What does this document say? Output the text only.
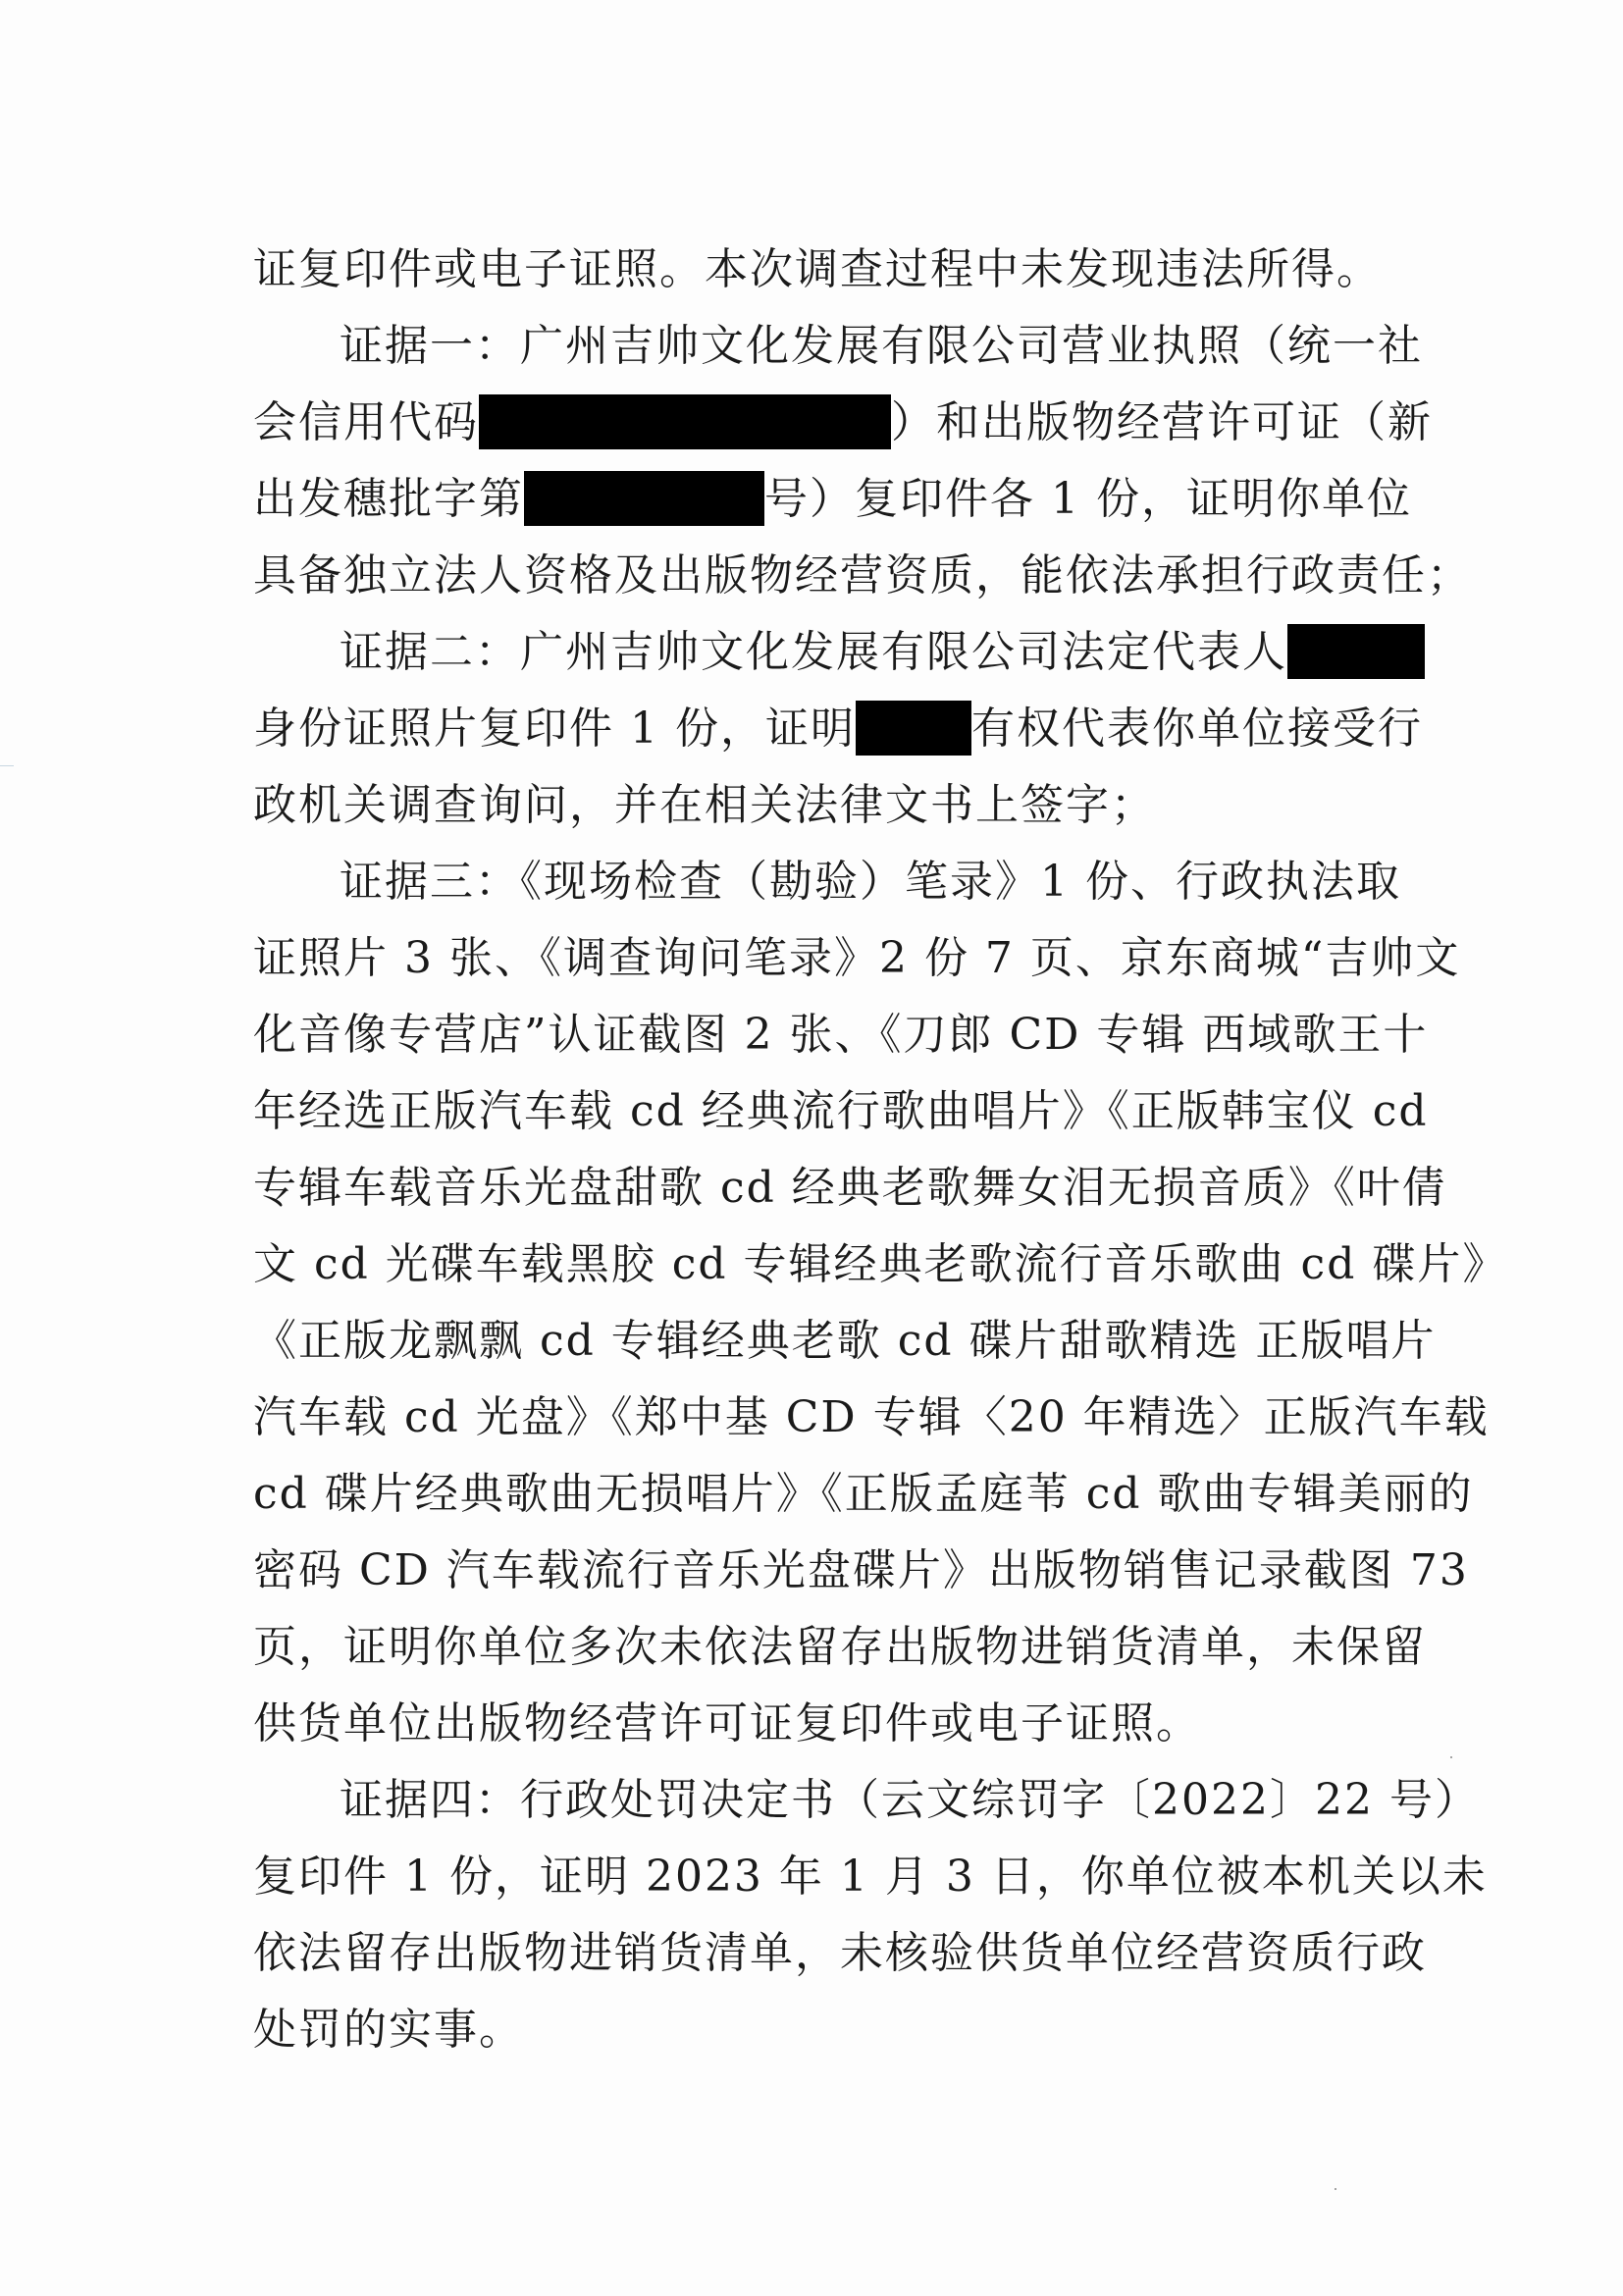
证复印件或电子证照。本次调查过程中未发现违法所得。
证据一：广州吉帅文化发展有限公司营业执照（统一社
会信用代码	）和出版物经营许可证（新
出发穗批字第	号）复印件各 1 份，证明你单位
具备独立法人资格及出版物经营资质，能依法承担行政责任；
证据二：广州吉帅文化发展有限公司法定代表人
身份证照片复印件 1 份，证明	有权代表你单位接受行
政机关调查询问，并在相关法律文书上签字；
证据三：《现场检查（勘验）笔录》1 份、行政执法取
证照片 3 张、《调查询问笔录》2 份 7 页、京东商城“吉帅文
化音像专营店”认证截图 2 张、《刀郎 CD 专辑 西域歌王十
年经选正版汽车载 cd 经典流行歌曲唱片》《正版韩宝仪 cd
专辑车载音乐光盘甜歌 cd 经典老歌舞女泪无损音质》《叶倩
文 cd 光碟车载黑胶 cd 专辑经典老歌流行音乐歌曲 cd 碟片》
《正版龙飘飘 cd 专辑经典老歌 cd 碟片甜歌精选 正版唱片
汽车载 cd 光盘》《郑中基 CD 专辑〈20 年精选〉正版汽车载
cd 碟片经典歌曲无损唱片》《正版孟庭苇 cd 歌曲专辑美丽的
密码 CD 汽车载流行音乐光盘碟片》出版物销售记录截图 73
页，证明你单位多次未依法留存出版物进销货清单，未保留
供货单位出版物经营许可证复印件或电子证照。
证据四：行政处罚决定书（云文综罚字〔2022〕22 号）
复印件 1 份，证明 2023 年 1 月 3 日，你单位被本机关以未
依法留存出版物进销货清单，未核验供货单位经营资质行政
处罚的实事。
